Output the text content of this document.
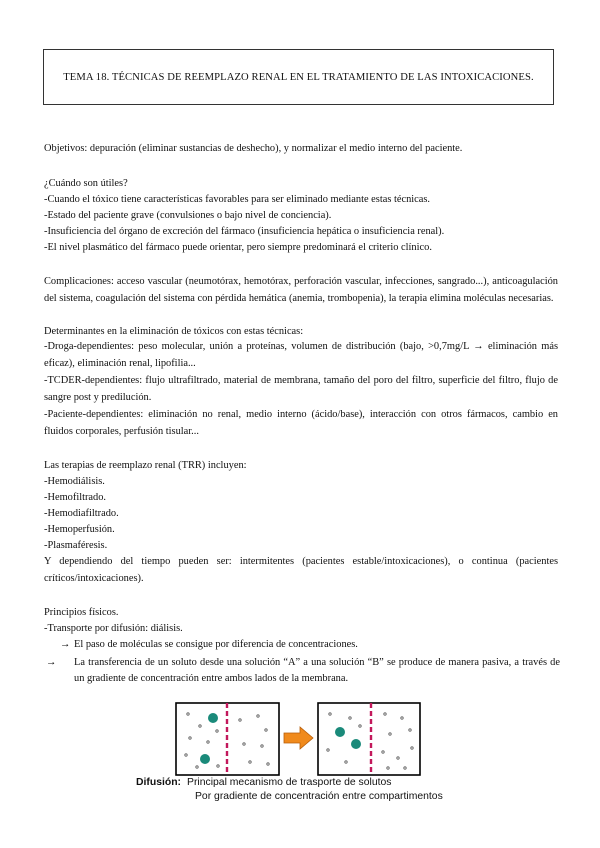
TEMA 18. TÉCNICAS DE REEMPLAZO RENAL EN EL TRATAMIENTO DE LAS INTOXICACIONES.
Objetivos: depuración (eliminar sustancias de deshecho), y normalizar el medio interno del paciente.
¿Cuándo son útiles?
-Cuando el tóxico tiene características favorables para ser eliminado mediante estas técnicas.
-Estado del paciente grave (convulsiones o bajo nivel de conciencia).
-Insuficiencia del órgano de excreción del fármaco (insuficiencia hepática o insuficiencia renal).
-El nivel plasmático del fármaco puede orientar, pero siempre predominará el criterio clínico.
Complicaciones: acceso vascular (neumotórax, hemotórax, perforación vascular, infecciones, sangrado...), anticoagulación del sistema, coagulación del sistema con pérdida hemática (anemia, trombopenia), la terapia elimina moléculas necesarias.
Determinantes en la eliminación de tóxicos con estas técnicas:
-Droga-dependientes: peso molecular, unión a proteínas, volumen de distribución (bajo, >0,7mg/L → eliminación más eficaz), eliminación renal, lipofilia...
-TCDER-dependientes: flujo ultrafiltrado, material de membrana, tamaño del poro del filtro, superficie del filtro, flujo de sangre post y predilución.
-Paciente-dependientes: eliminación no renal, medio interno (ácido/base), interacción con otros fármacos, cambio en fluidos corporales, perfusión tisular...
Las terapias de reemplazo renal (TRR) incluyen:
-Hemodiálisis.
-Hemofiltrado.
-Hemodiafiltrado.
-Hemoperfusión.
-Plasmaféresis.
Y dependiendo del tiempo pueden ser: intermitentes (pacientes estable/intoxicaciones), o continua (pacientes críticos/intoxicaciones).
Principios físicos.
-Transporte por difusión: diálisis.
→ El paso de moléculas se consigue por diferencia de concentraciones.
→ La transferencia de un soluto desde una solución “A” a una solución “B” se produce de manera pasiva, a través de un gradiente de concentración entre ambos lados de la membrana.
Difusión: Principal mecanismo de trasporte de solutos
Por gradiente de concentración entre compartimentos
